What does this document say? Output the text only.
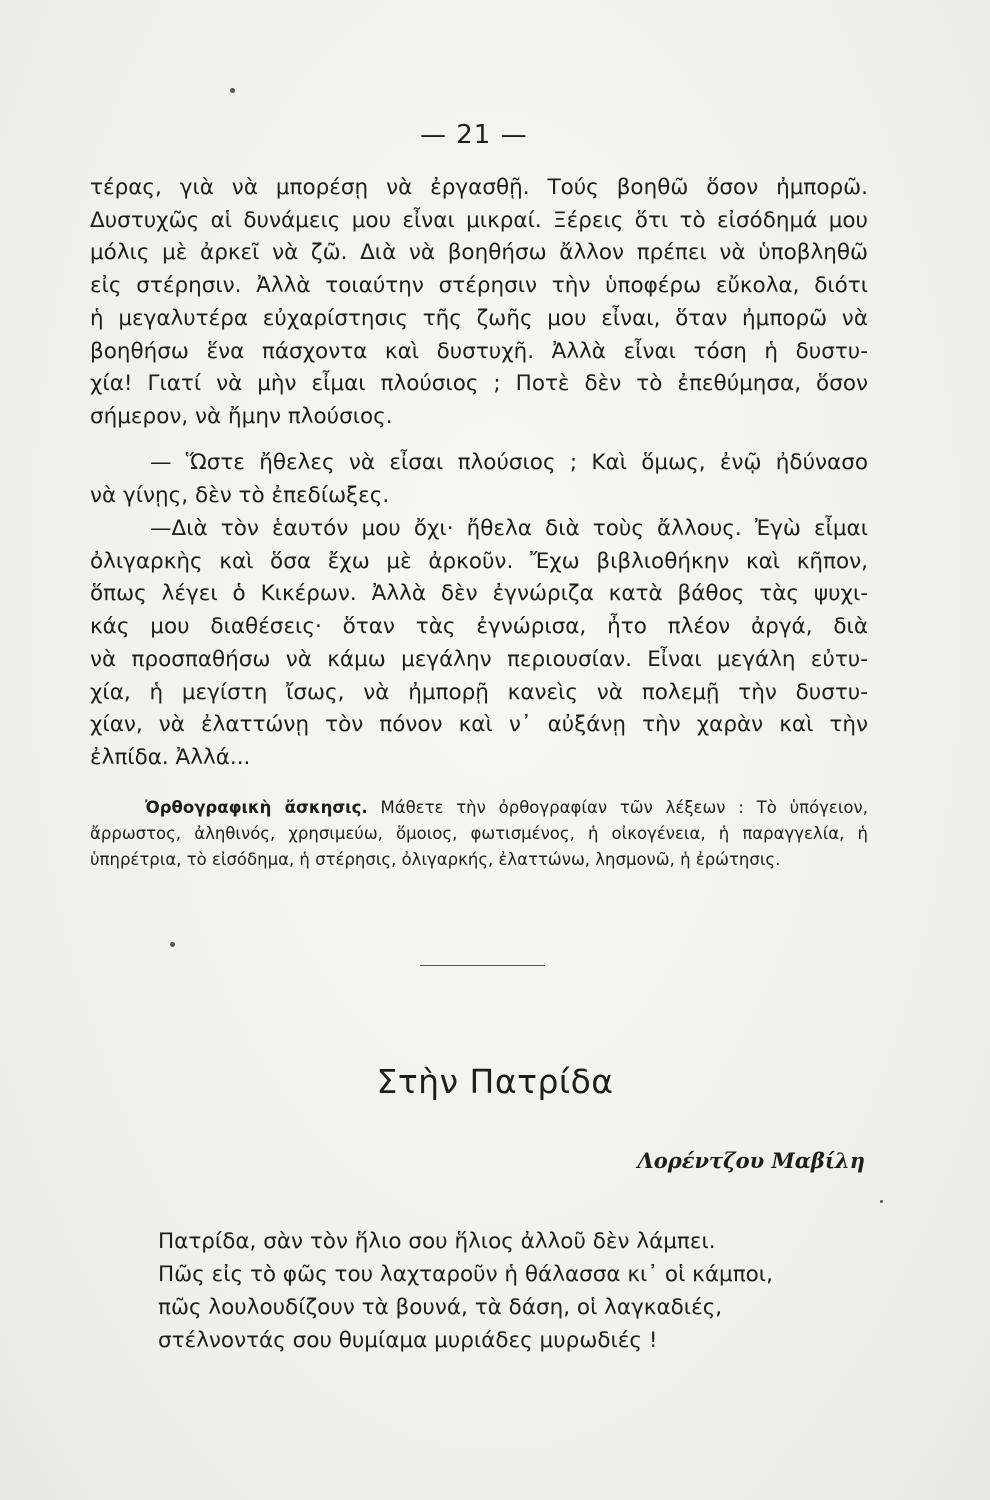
— 21 —

τέρας, γιὰ νὰ μπορέσῃ νὰ ἐργασθῇ. Τούς βοηθῶ ὅσον ἠμπορῶ.
Δυστυχῶς αἱ δυνάμεις μου εἶναι μικραί. Ξέρεις ὅτι τὸ εἰσόδημά μου
μόλις μὲ ἀρκεῖ νὰ ζῶ. Διὰ νὰ βοηθήσω ἄλλον πρέπει νὰ ὑποβληθῶ
εἰς στέρησιν. Ἀλλὰ τοιαύτην στέρησιν τὴν ὑποφέρω εὔκολα, διότι
ἡ μεγαλυτέρα εὐχαρίστησις τῆς ζωῆς μου εἶναι, ὅταν ἠμπορῶ νὰ
βοηθήσω ἕνα πάσχοντα καὶ δυστυχῆ. Ἀλλὰ εἶναι τόση ἡ δυστυ-
χία! Γιατί νὰ μὴν εἶμαι πλούσιος ; Ποτὲ δὲν τὸ ἐπεθύμησα, ὅσον
σήμερον, νὰ ἤμην πλούσιος.

— Ὥστε ἤθελες νὰ εἶσαι πλούσιος ; Καὶ ὅμως, ἐνῷ ἠδύνασο
νὰ γίνῃς, δὲν τὸ ἐπεδίωξες.

—Διὰ τὸν ἑαυτόν μου ὄχι· ἤθελα διὰ τοὺς ἄλλους. Ἐγὼ εἶμαι
ὀλιγαρκὴς καὶ ὅσα ἔχω μὲ ἀρκοῦν. Ἔχω βιβλιοθήκην καὶ κῆπον,
ὅπως λέγει ὁ Κικέρων. Ἀλλὰ δὲν ἐγνώριζα κατὰ βάθος τὰς ψυχι-
κάς μου διαθέσεις· ὅταν τὰς ἐγνώρισα, ἦτο πλέον ἀργά, διὰ
νὰ προσπαθήσω νὰ κάμω μεγάλην περιουσίαν. Εἶναι μεγάλη εὐτυ-
χία, ἡ μεγίστη ἴσως, νὰ ἠμπορῇ κανεὶς νὰ πολεμῇ τὴν δυστυ-
χίαν, νὰ ἐλαττώνῃ τὸν πόνον καὶ ν᾿ αὐξάνῃ τὴν χαρὰν καὶ τὴν
ἐλπίδα. Ἀλλά...

Ὀρθογραφικὴ ἄσκησις. Μάθετε τὴν ὀρθογραφίαν τῶν λέξεων : Τὸ ὑπόγειον, ἄρρωστος, ἀληθινός, χρησιμεύω, ὅμοιος, φωτισμένος, ἡ οἰκογένεια, ἡ παραγγελία, ἡ ὑπηρέτρια, τὸ εἰσόδημα, ἡ στέρησις, ὀλιγαρκής, ἐλαττώνω, λησμονῶ, ἡ ἐρώτησις.

Στὴν Πατρίδα
Λορέντζου Μαβίλη
Πατρίδα, σὰν τὸν ἥλιο σου ἥλιος ἀλλοῦ δὲν λάμπει.
Πῶς εἰς τὸ φῶς του λαχταροῦν ἡ θάλασσα κι᾿ οἱ κάμποι,
πῶς λουλουδίζουν τὰ βουνά, τὰ δάση, οἱ λαγκαδιές,
στέλνοντάς σου θυμίαμα μυριάδες μυρωδιές !
